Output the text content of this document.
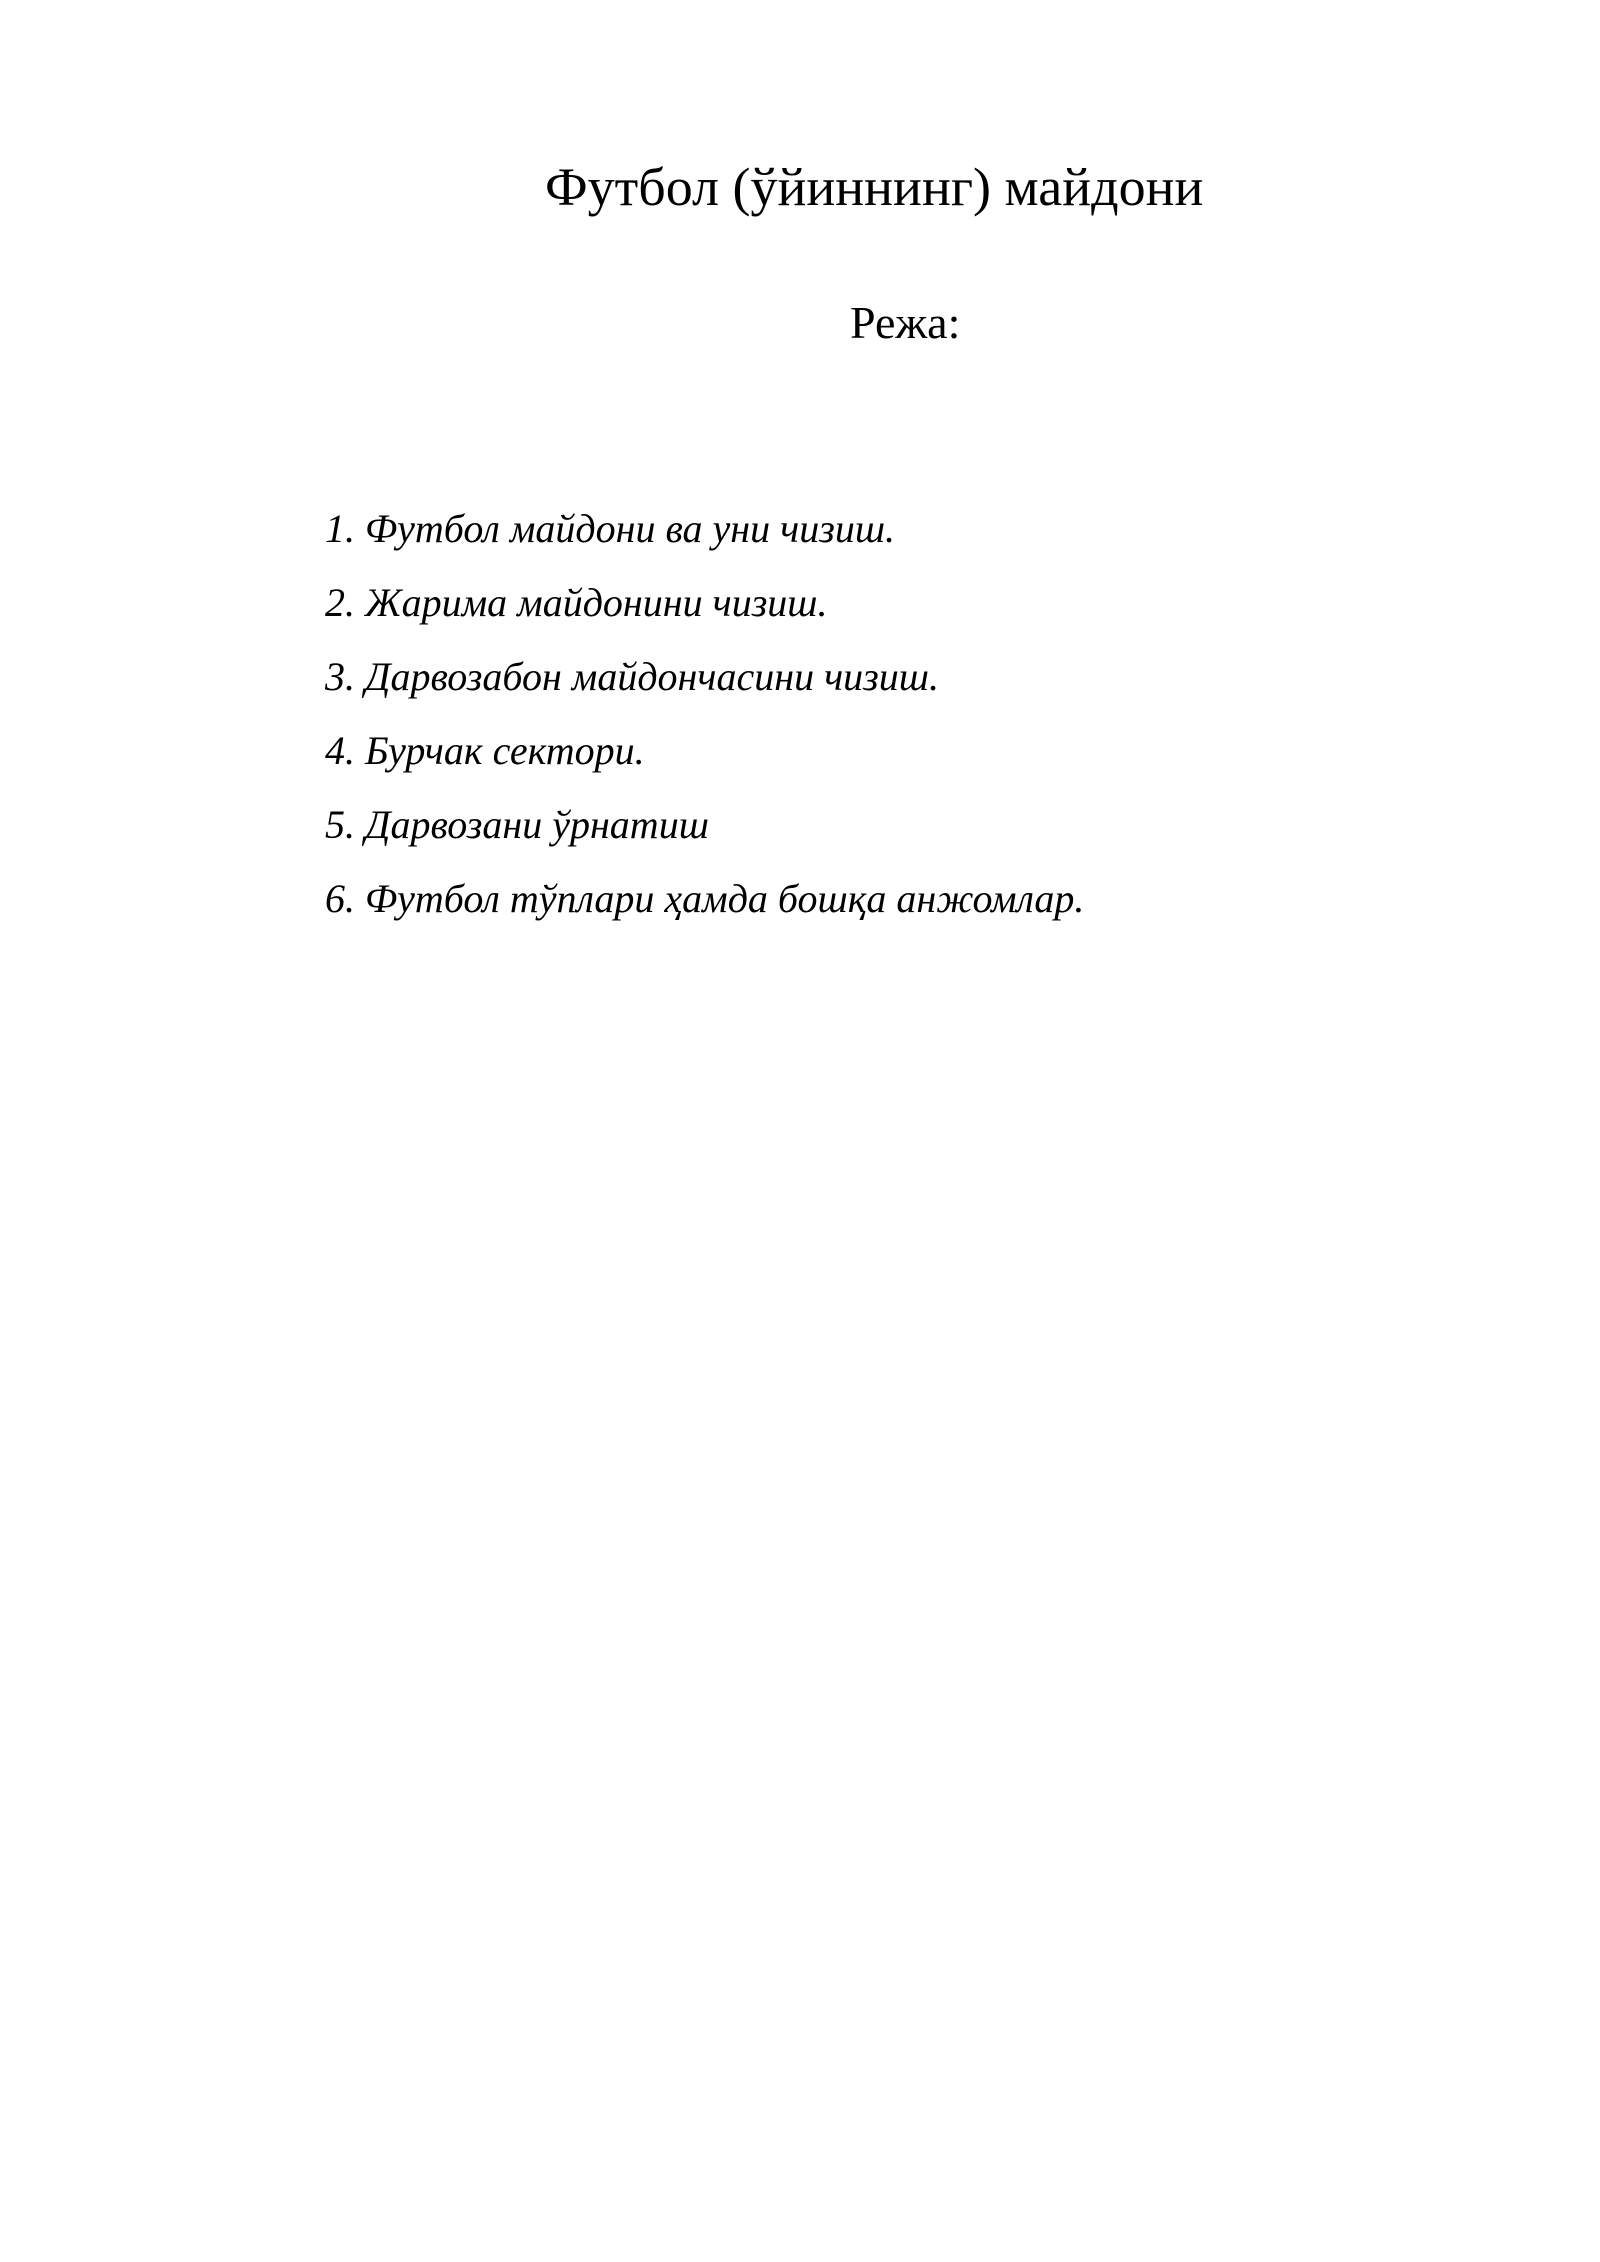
Футбол (ўйиннинг) майдони
Режа:
1. Футбол майдони ва уни чизиш.
2. Жарима майдонини чизиш.
3. Дарвозабон майдончасини чизиш.
4. Бурчак сектори.
5. Дарвозани ўрнатиш
6. Футбол тўплари ҳамда бошқа анжомлар.
